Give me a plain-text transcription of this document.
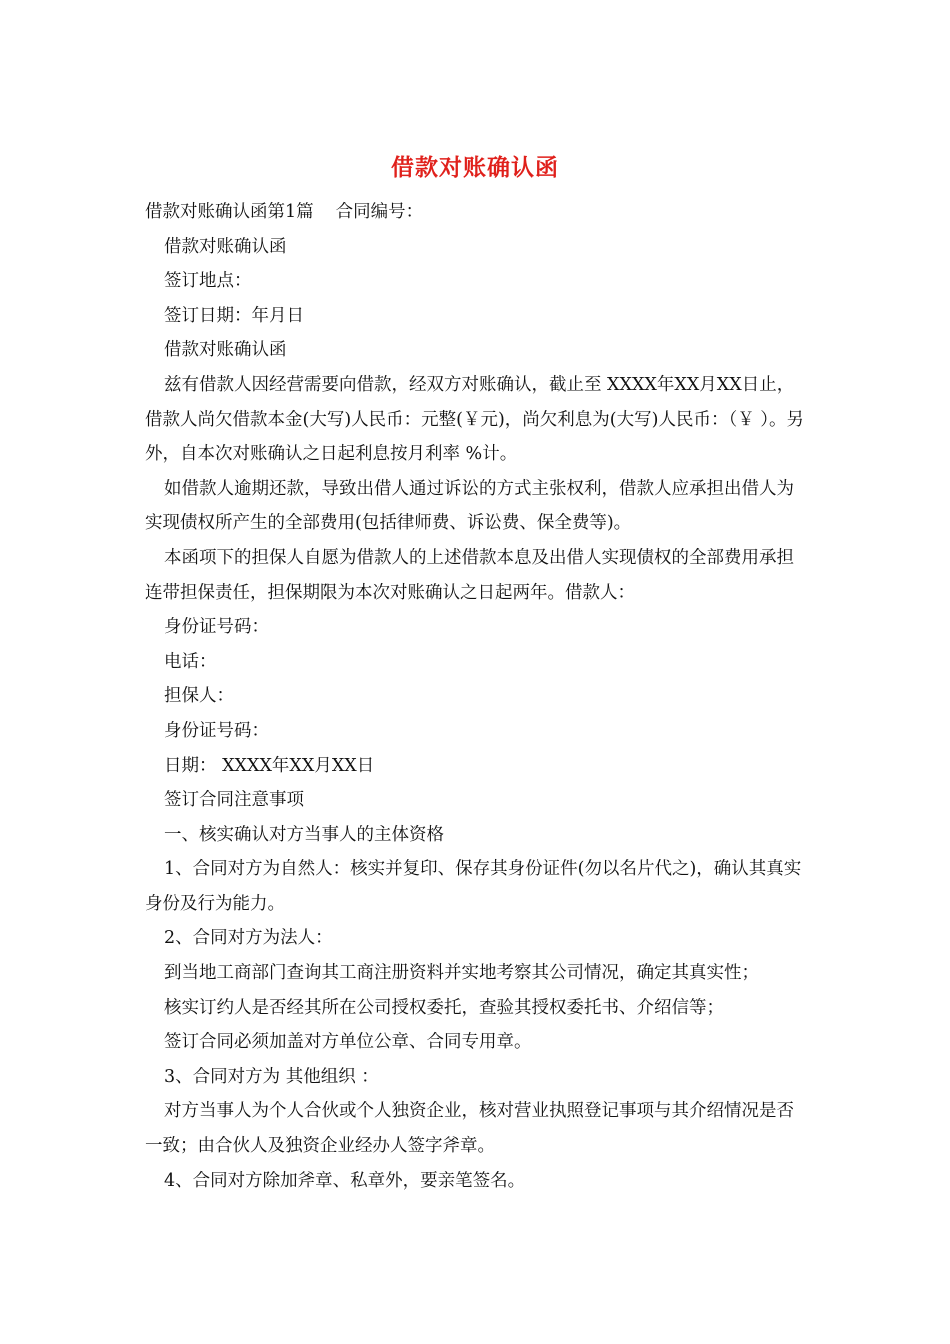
借款对账确认函

借款对账确认函第1篇 合同编号：

借款对账确认函

签订地点：

签订日期：年月日

借款对账确认函

兹有借款人因经营需要向借款，经双方对账确认，截止至 XXXX年XX月XX日止，借款人尚欠借款本金(大写)人民币：元整(￥元)，尚欠利息为(大写)人民币：（￥ ）。另外，自本次对账确认之日起利息按月利率 %计。

如借款人逾期还款，导致出借人通过诉讼的方式主张权利，借款人应承担出借人为实现债权所产生的全部费用(包括律师费、诉讼费、保全费等)。

本函项下的担保人自愿为借款人的上述借款本息及出借人实现债权的全部费用承担连带担保责任，担保期限为本次对账确认之日起两年。借款人：

身份证号码：

电话：

担保人：

身份证号码：

日期： XXXX年XX月XX日

签订合同注意事项

一、核实确认对方当事人的主体资格

1、合同对方为自然人：核实并复印、保存其身份证件(勿以名片代之)，确认其真实身份及行为能力。

2、合同对方为法人：

到当地工商部门查询其工商注册资料并实地考察其公司情况，确定其真实性；

核实订约人是否经其所在公司授权委托，查验其授权委托书、介绍信等；

签订合同必须加盖对方单位公章、合同专用章。

3、合同对方为 其他组织 ：

对方当事人为个人合伙或个人独资企业，核对营业执照登记事项与其介绍情况是否一致；由合伙人及独资企业经办人签字斧章。

4、合同对方除加斧章、私章外，要亲笔签名。
